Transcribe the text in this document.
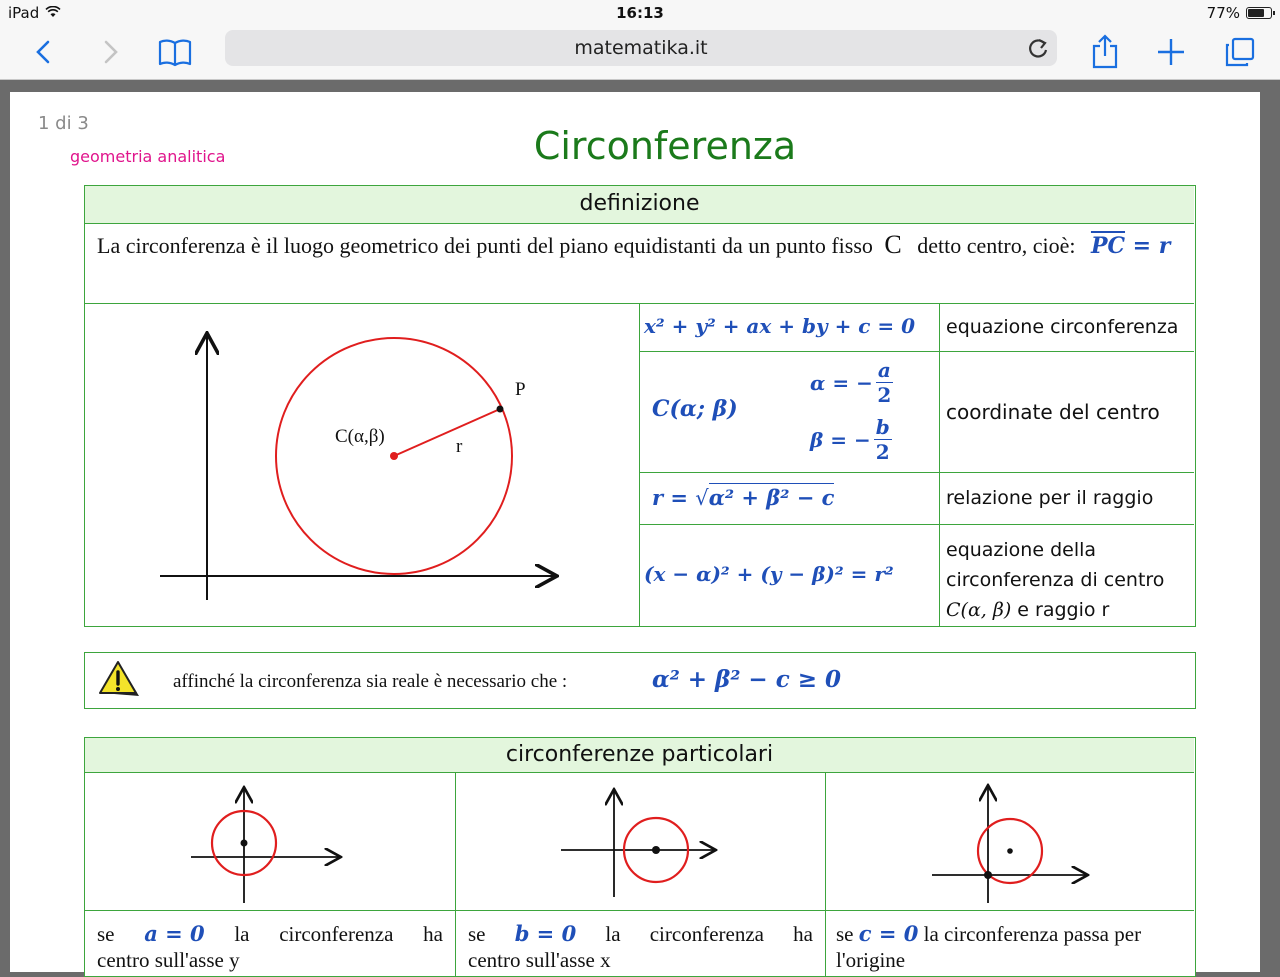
iPad	16:13	77%
matematika.it
1 di 3
geometria analitica	Circonferenza
definizione
La circonferenza è il luogo geometrico dei punti del piano equidistanti da un punto fisso C detto centro, cioè: $\overline{PC} = r$
C(α,β)
P
r
x² + y² + ax + by + c = 0 equazione circonferenza
C(α; β)
α = − $\frac{a}{2}$
β = − $\frac{b}{2}$
coordinate del centro
r = √α² + β² − c	relazione per il raggio
(x − α)² + (y − β)² = r²
equazione della
circonferenza di centro
C(α, β) e raggio r
affinché la circonferenza sia reale è necessario che :	α² + β² − c ≥ 0
circonferenze particolari
se a = 0 la circonferenza ha
centro sull'asse y
se b = 0 la circonferenza ha
centro sull'asse x
se c = 0 la circonferenza passa per
l'origine
